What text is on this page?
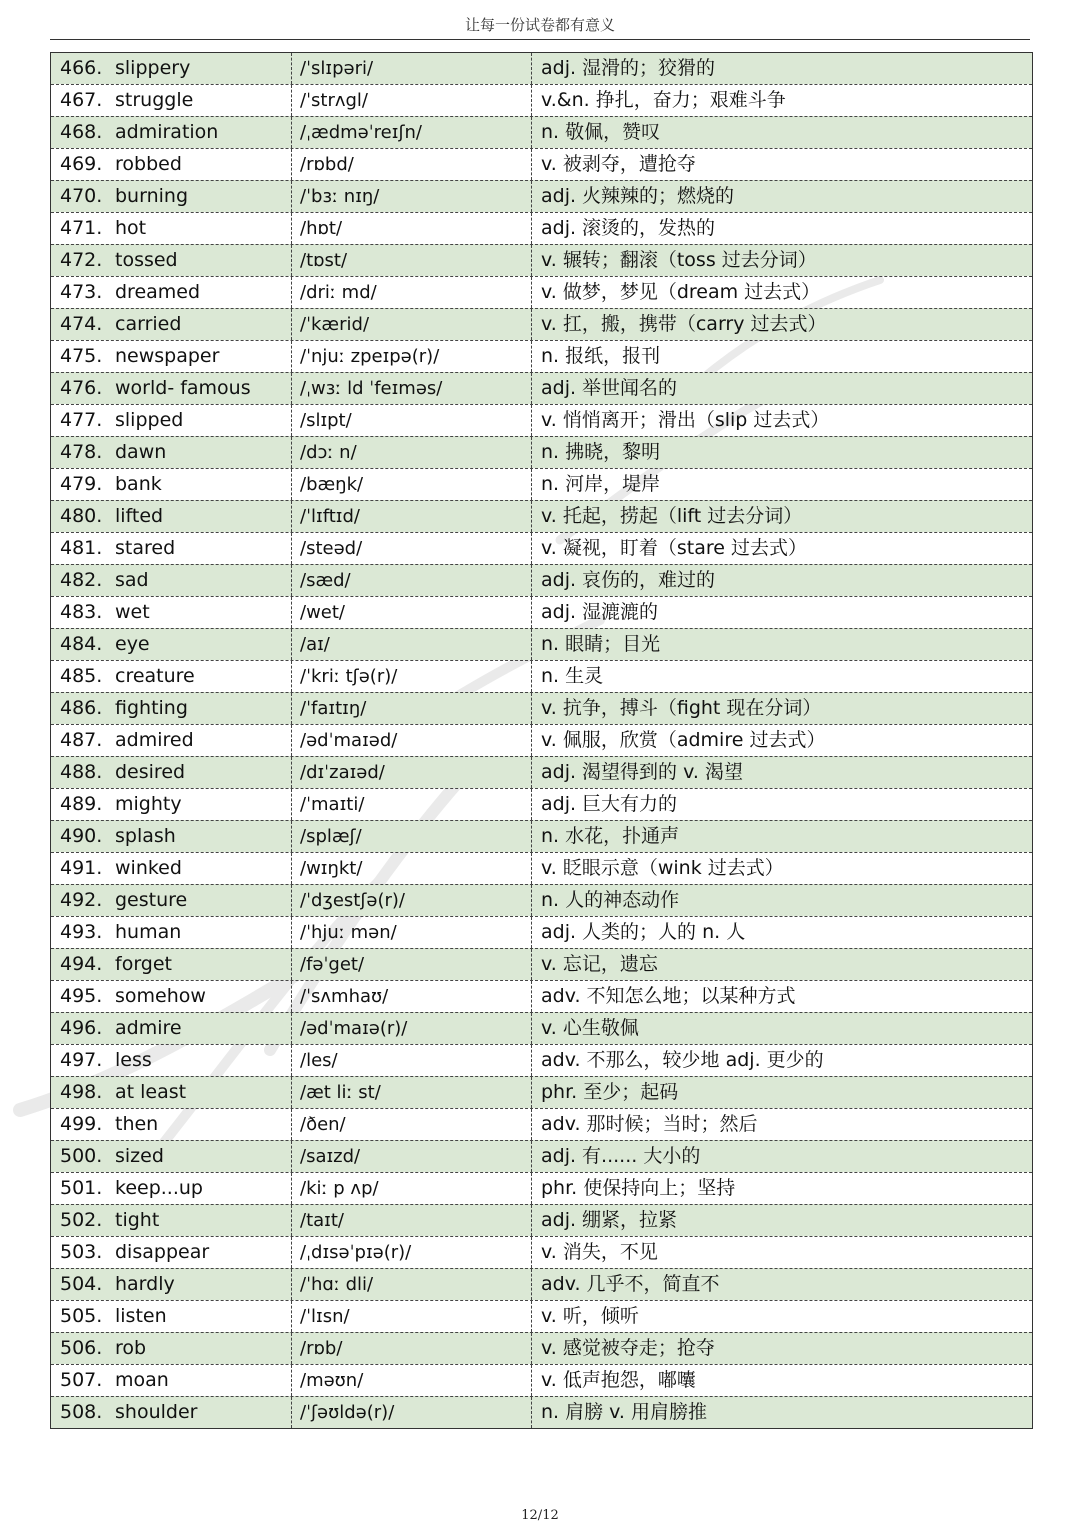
让每一份试卷都有意义
466. slippery	/ˈslɪpəri/	adj. 湿滑的；狡猾的
467. struggle	/ˈstrʌgl/	v.&n. 挣扎，奋力；艰难斗争
468. admiration	/ˌædməˈreɪʃn/	n. 敬佩，赞叹
469. robbed	/rɒbd/	v. 被剥夺，遭抢夺
470. burning	/ˈbɜː nɪŋ/	adj. 火辣辣的；燃烧的
471. hot	/hɒt/	adj. 滚烫的，发热的
472. tossed	/tɒst/	v. 辗转；翻滚（toss 过去分词）
473. dreamed	/driː md/	v. 做梦，梦见（dream 过去式）
474. carried	/ˈkærid/	v. 扛，搬，携带（carry 过去式）
475. newspaper	/ˈnjuː zpeɪpə(r)/	n. 报纸，报刊
476. world- famous	/ˌwɜː ld ˈfeɪməs/	adj. 举世闻名的
477. slipped	/slɪpt/	v. 悄悄离开；滑出（slip 过去式）
478. dawn	/dɔː n/	n. 拂晓，黎明
479. bank	/bæŋk/	n. 河岸，堤岸
480. lifted	/ˈlɪftɪd/	v. 托起，捞起（lift 过去分词）
481. stared	/steəd/	v. 凝视，盯着（stare 过去式）
482. sad	/sæd/	adj. 哀伤的，难过的
483. wet	/wet/	adj. 湿漉漉的
484. eye	/aɪ/	n. 眼睛；目光
485. creature	/ˈkriː tʃə(r)/	n. 生灵
486. fighting	/ˈfaɪtɪŋ/	v. 抗争，搏斗（fight 现在分词）
487. admired	/ədˈmaɪəd/	v. 佩服，欣赏（admire 过去式）
488. desired	/dɪˈzaɪəd/	adj. 渴望得到的 v. 渴望
489. mighty	/ˈmaɪti/	adj. 巨大有力的
490. splash	/splæʃ/	n. 水花，扑通声
491. winked	/wɪŋkt/	v. 眨眼示意（wink 过去式）
492. gesture	/ˈdʒestʃə(r)/	n. 人的神态动作
493. human	/ˈhjuː mən/	adj. 人类的；人的 n. 人
494. forget	/fəˈget/	v. 忘记，遗忘
495. somehow	/ˈsʌmhaʊ/	adv. 不知怎么地；以某种方式
496. admire	/ədˈmaɪə(r)/	v. 心生敬佩
497. less	/les/	adv. 不那么，较少地 adj. 更少的
498. at least	/æt liː st/	phr. 至少；起码
499. then	/ðen/	adv. 那时候；当时；然后
500. sized	/saɪzd/	adj. 有...... 大小的
501. keep...up	/kiː p ʌp/	phr. 使保持向上；坚持
502. tight	/taɪt/	adj. 绷紧，拉紧
503. disappear	/ˌdɪsəˈpɪə(r)/	v. 消失，不见
504. hardly	/ˈhɑː dli/	adv. 几乎不，简直不
505. listen	/ˈlɪsn/	v. 听，倾听
506. rob	/rɒb/	v. 感觉被夺走；抢夺
507. moan	/məʊn/	v. 低声抱怨，嘟囔
508. shoulder	/ˈʃəʊldə(r)/	n. 肩膀 v. 用肩膀推
12/12
